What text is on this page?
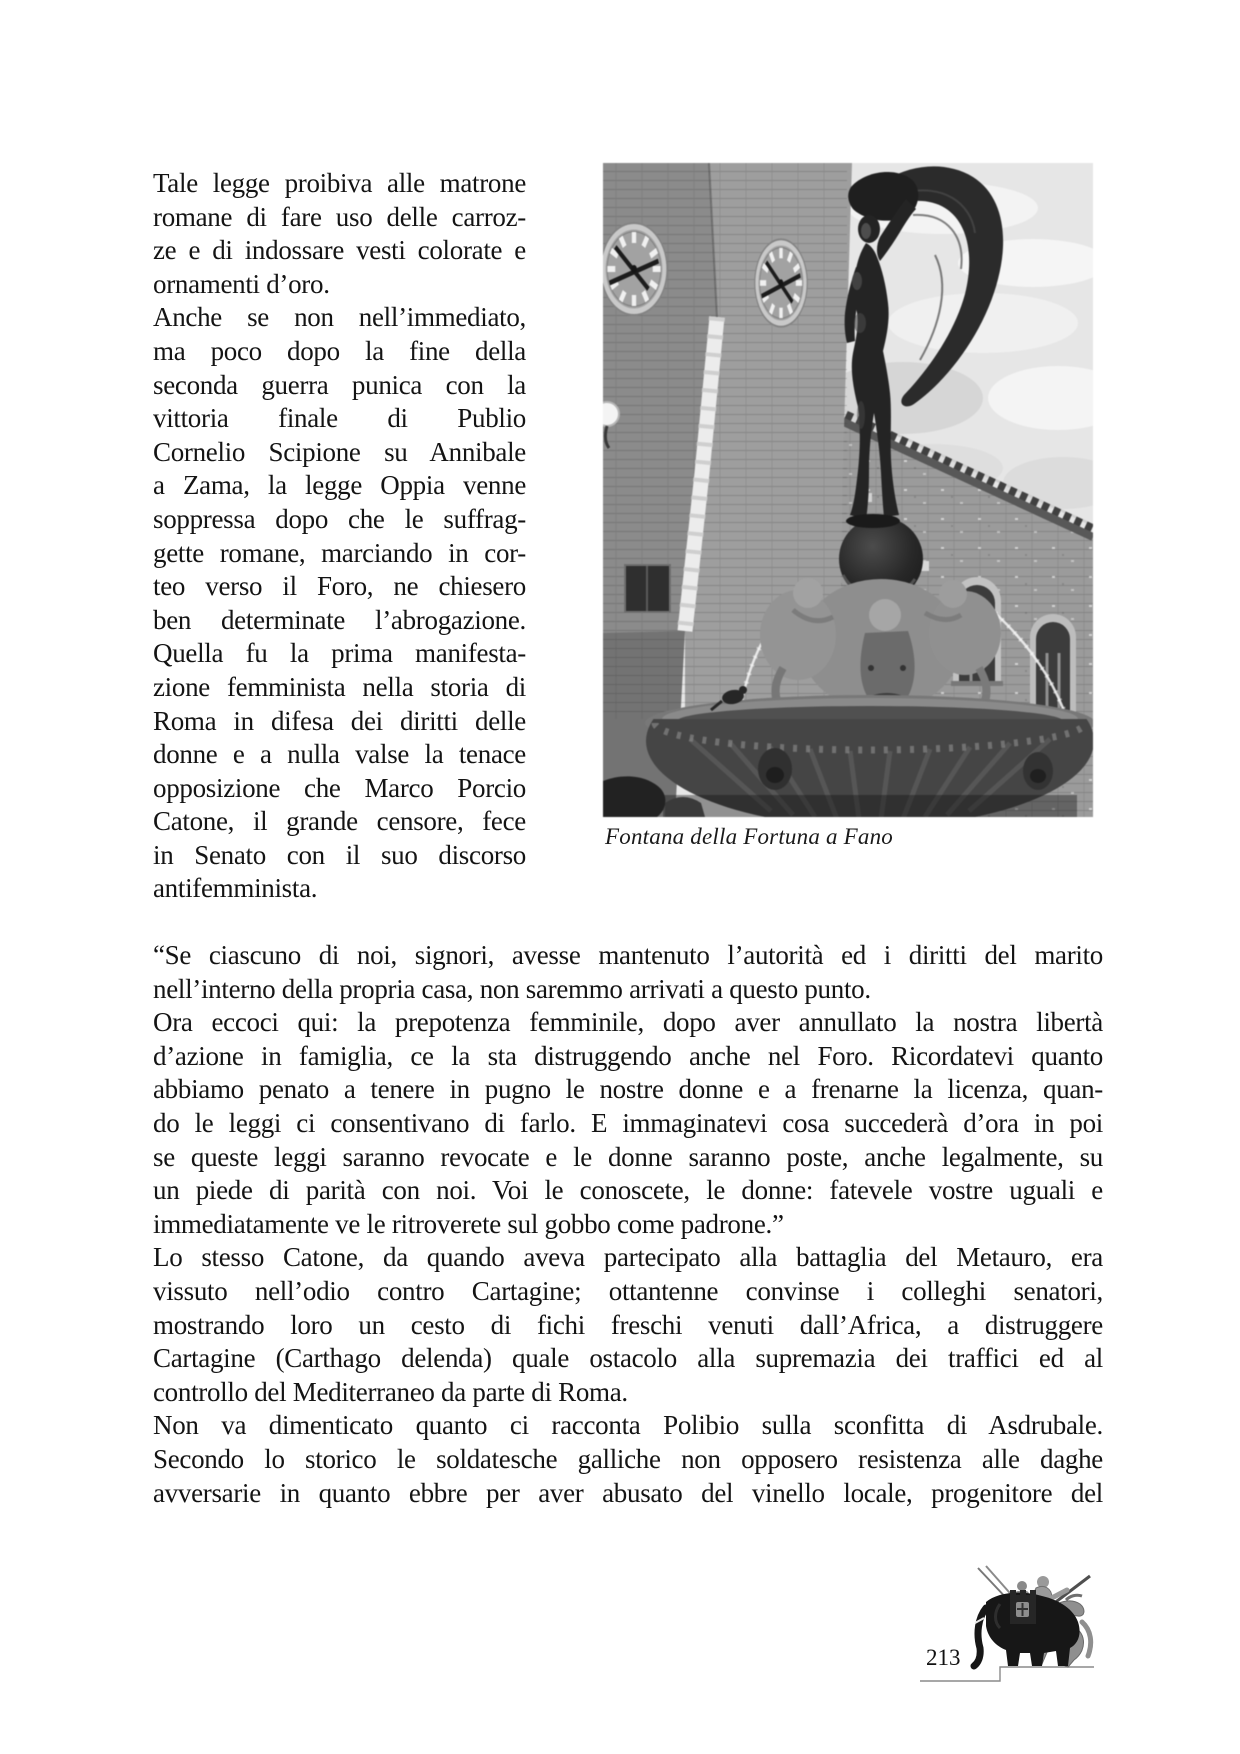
Tale legge proibiva alle matrone
romane di fare uso delle carroz-
ze e di indossare vesti colorate e
ornamenti d’oro.
Anche se non nell’immediato,
ma poco dopo la fine della
seconda guerra punica con la
vittoria finale di Publio
Cornelio Scipione su Annibale
a Zama, la legge Oppia venne
soppressa dopo che le suffrag-
gette romane, marciando in cor-
teo verso il Foro, ne chiesero
ben determinate l’abrogazione.
Quella fu la prima manifesta-
zione femminista nella storia di
Roma in difesa dei diritti delle
donne e a nulla valse la tenace
opposizione che Marco Porcio
Catone, il grande censore, fece
in Senato con il suo discorso
antifemminista.
Fontana della Fortuna a Fano
“Se ciascuno di noi, signori, avesse mantenuto l’autorità ed i diritti del marito
nell’interno della propria casa, non saremmo arrivati a questo punto.
Ora eccoci qui: la prepotenza femminile, dopo aver annullato la nostra libertà
d’azione in famiglia, ce la sta distruggendo anche nel Foro. Ricordatevi quanto
abbiamo penato a tenere in pugno le nostre donne e a frenarne la licenza, quan-
do le leggi ci consentivano di farlo. E immaginatevi cosa succederà d’ora in poi
se queste leggi saranno revocate e le donne saranno poste, anche legalmente, su
un piede di parità con noi. Voi le conoscete, le donne: fatevele vostre uguali e
immediatamente ve le ritroverete sul gobbo come padrone.”
Lo stesso Catone, da quando aveva partecipato alla battaglia del Metauro, era
vissuto nell’odio contro Cartagine; ottantenne convinse i colleghi senatori,
mostrando loro un cesto di fichi freschi venuti dall’Africa, a distruggere
Cartagine (Carthago delenda) quale ostacolo alla supremazia dei traffici ed al
controllo del Mediterraneo da parte di Roma.
Non va dimenticato quanto ci racconta Polibio sulla sconfitta di Asdrubale.
Secondo lo storico le soldatesche galliche non opposero resistenza alle daghe
avversarie in quanto ebbre per aver abusato del vinello locale, progenitore del
213
